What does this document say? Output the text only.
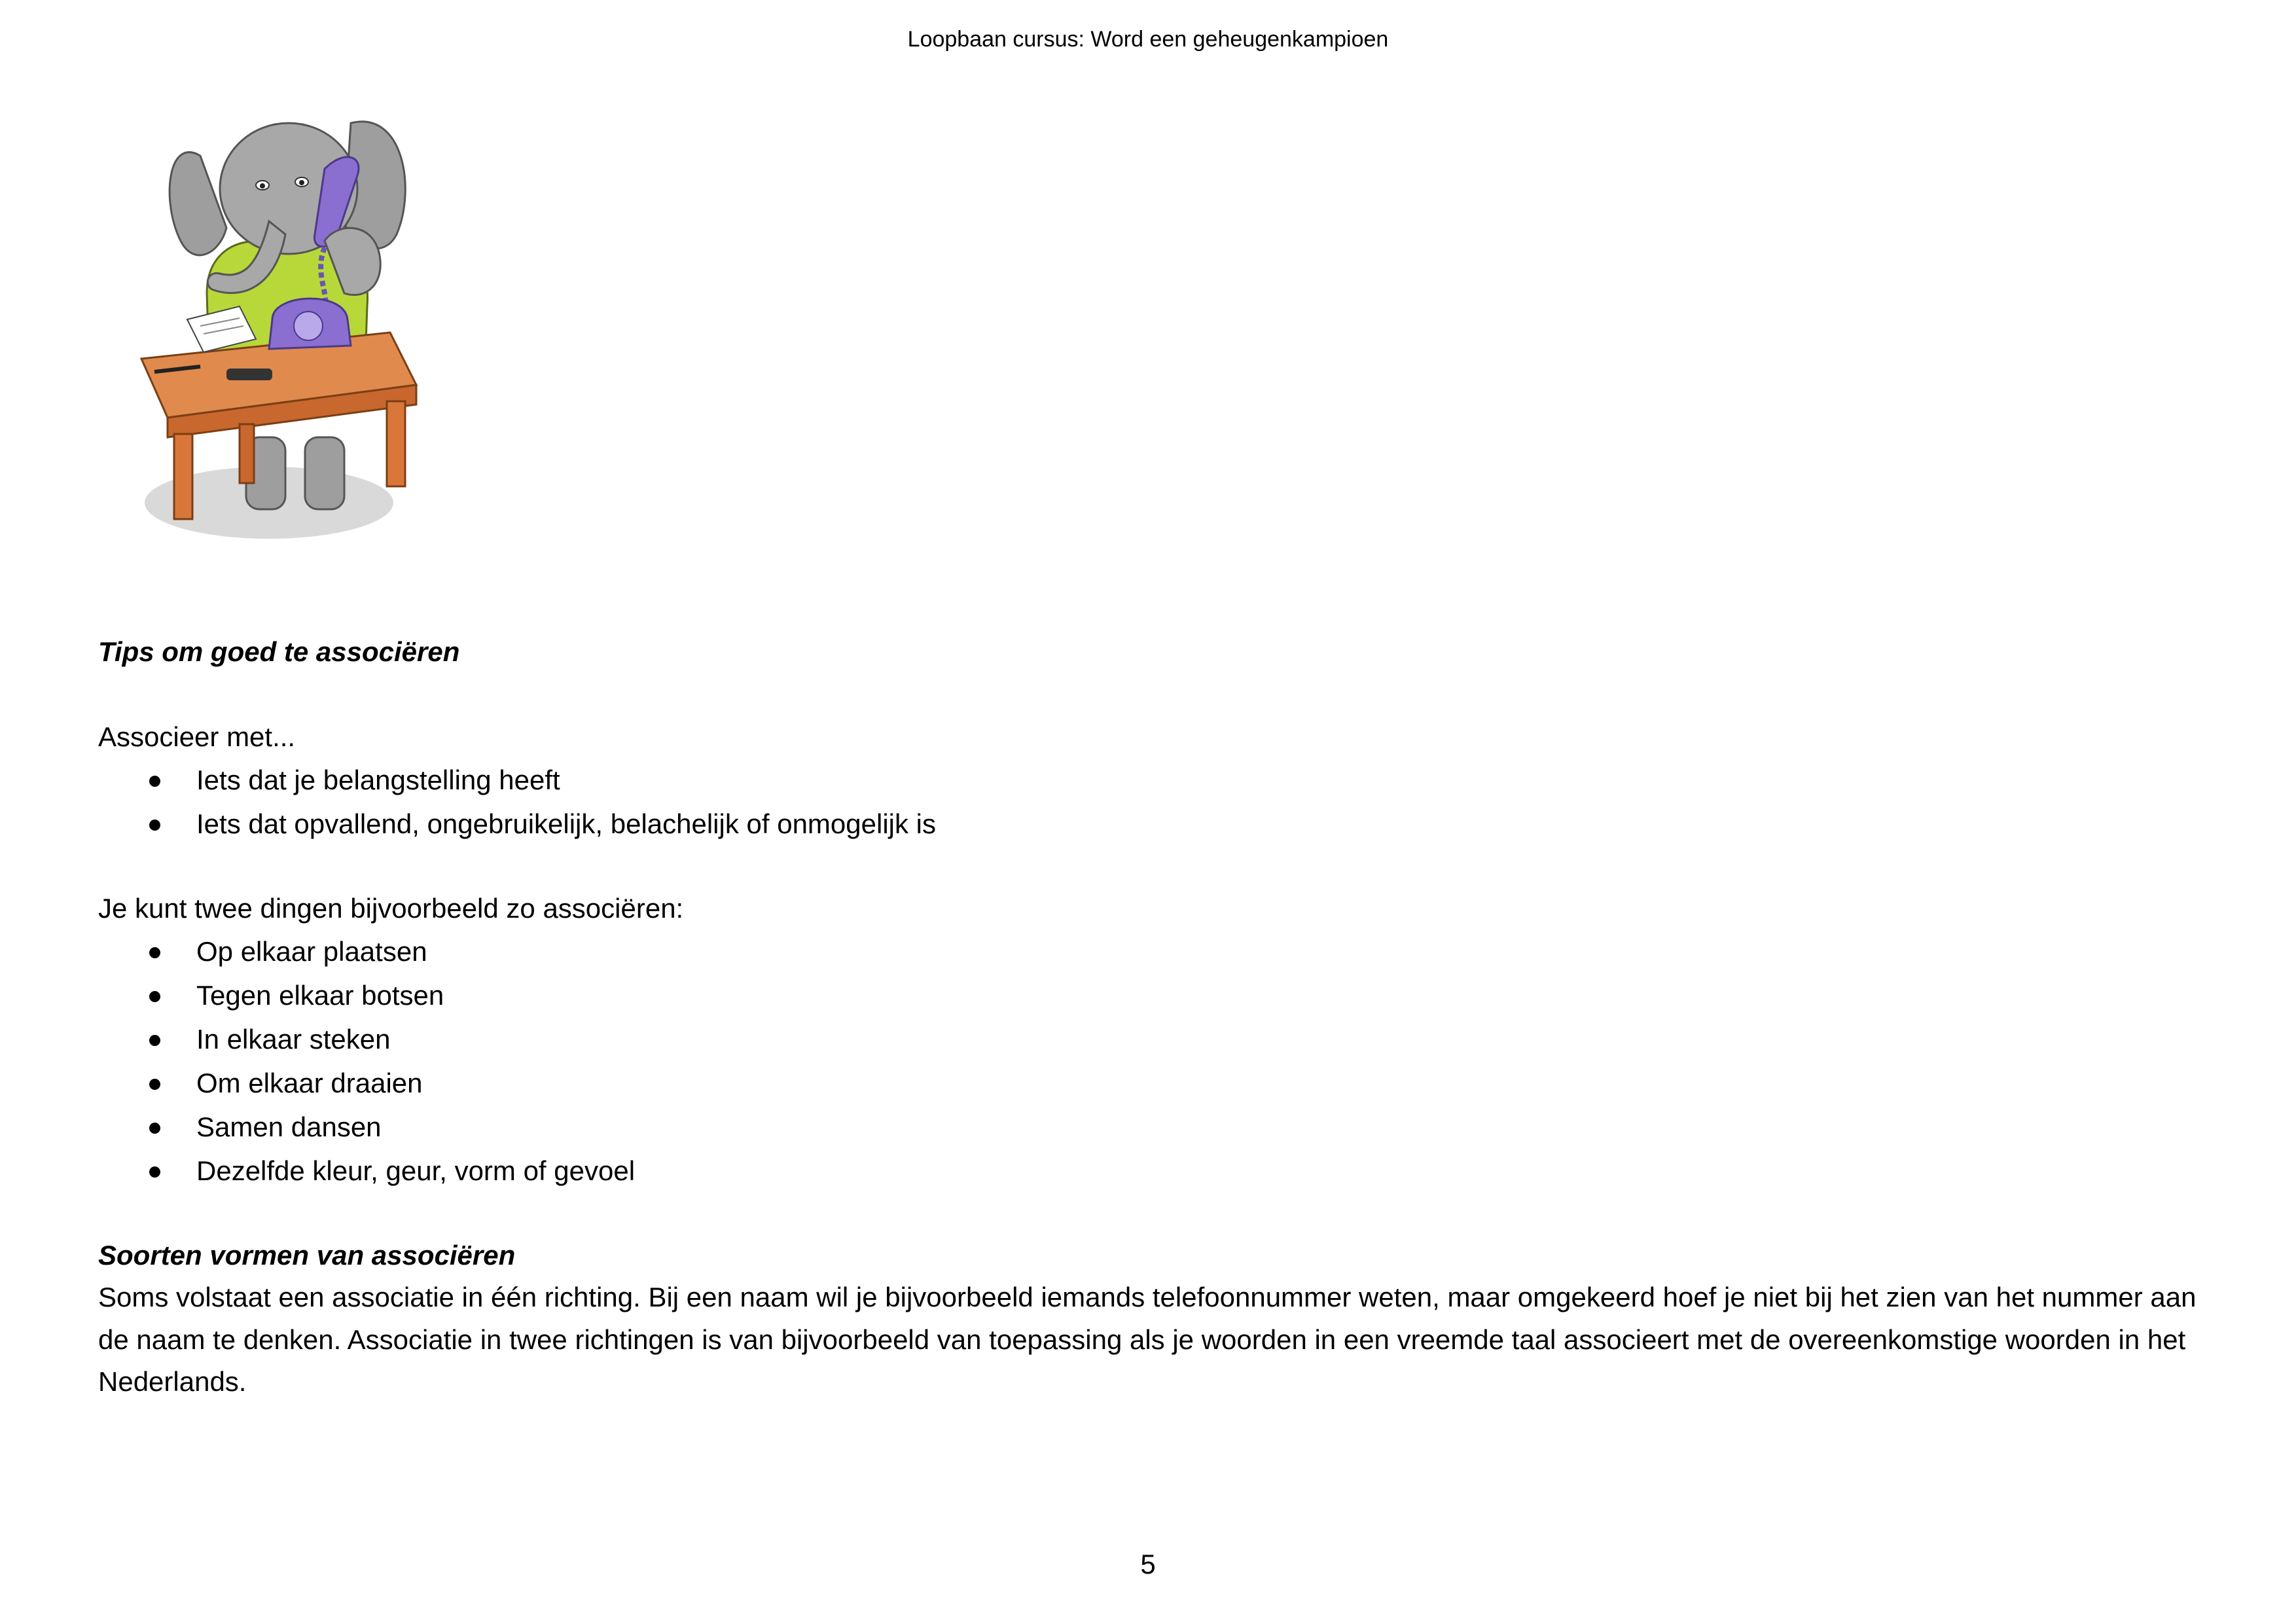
Loopbaan cursus: Word een geheugenkampioen
Tips om goed te associëren

Associeer met...

Iets dat je belangstelling heeft
Iets dat opvallend, ongebruikelijk, belachelijk of onmogelijk is

Je kunt twee dingen bijvoorbeeld zo associëren:

Op elkaar plaatsen
Tegen elkaar botsen
In elkaar steken
Om elkaar draaien
Samen dansen
Dezelfde kleur, geur, vorm of gevoel
Soorten vormen van associëren

Soms volstaat een associatie in één richting. Bij een naam wil je bijvoorbeeld iemands telefoonnummer weten, maar omgekeerd hoef je niet bij het zien van het nummer aan de naam te denken. Associatie in twee richtingen is van bijvoorbeeld van toepassing als je woorden in een vreemde taal associeert met de overeenkomstige woorden in het Nederlands.

5
